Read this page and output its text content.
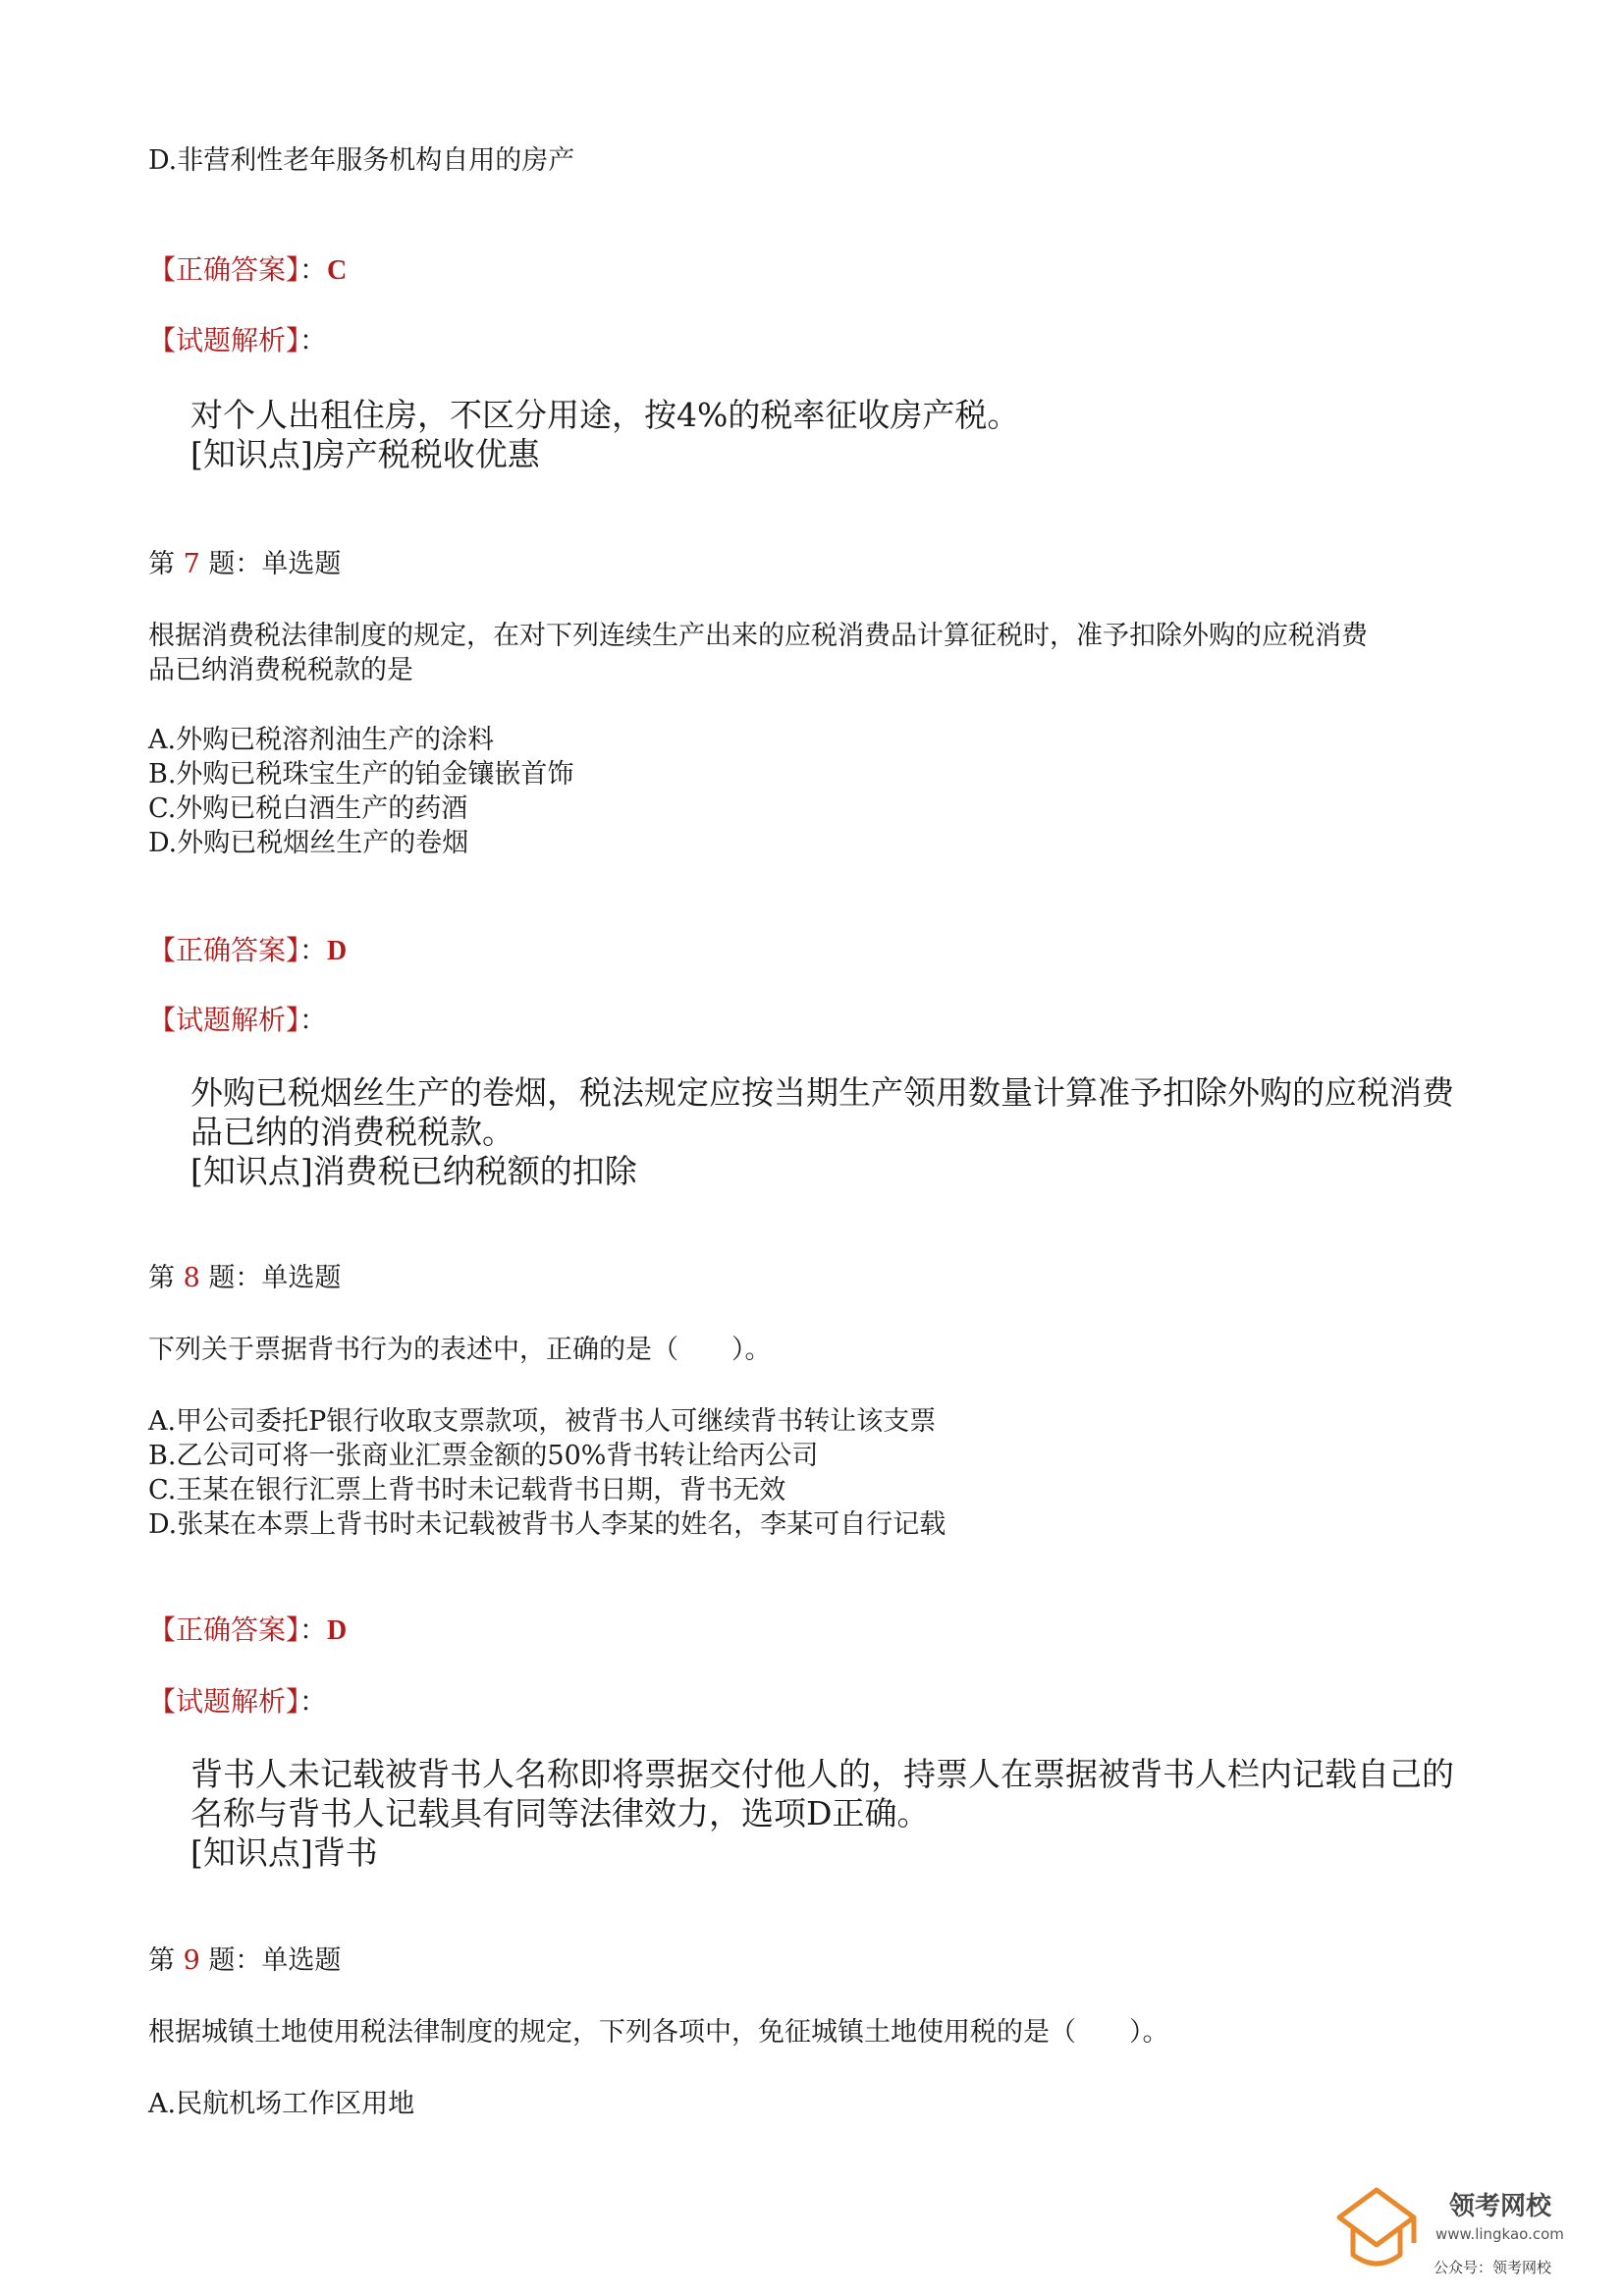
D.非营利性老年服务机构自用的房产
【正确答案】：C
【试题解析】：
对个人出租住房，不区分用途，按4%的税率征收房产税。
[知识点]房产税税收优惠
第 7 题：单选题
根据消费税法律制度的规定，在对下列连续生产出来的应税消费品计算征税时，准予扣除外购的应税消费
品已纳消费税税款的是
A.外购已税溶剂油生产的涂料
B.外购已税珠宝生产的铂金镶嵌首饰
C.外购已税白酒生产的药酒
D.外购已税烟丝生产的卷烟
【正确答案】：D
【试题解析】：
外购已税烟丝生产的卷烟，税法规定应按当期生产领用数量计算准予扣除外购的应税消费
品已纳的消费税税款。
[知识点]消费税已纳税额的扣除
第 8 题：单选题
下列关于票据背书行为的表述中，正确的是（　　）。
A.甲公司委托P银行收取支票款项，被背书人可继续背书转让该支票
B.乙公司可将一张商业汇票金额的50%背书转让给丙公司
C.王某在银行汇票上背书时未记载背书日期，背书无效
D.张某在本票上背书时未记载被背书人李某的姓名，李某可自行记载
【正确答案】：D
【试题解析】：
背书人未记载被背书人名称即将票据交付他人的，持票人在票据被背书人栏内记载自己的
名称与背书人记载具有同等法律效力，选项D正确。
[知识点]背书
第 9 题：单选题
根据城镇土地使用税法律制度的规定，下列各项中，免征城镇土地使用税的是（　　）。
A.民航机场工作区用地
领考网校
www.lingkao.com
公众号：领考网校
